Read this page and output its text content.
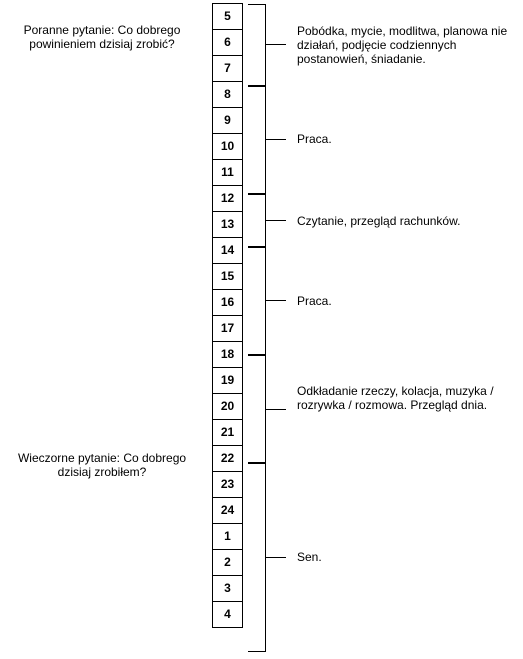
Poranne pytanie: Co dobrego powinieniem dzisiaj zrobić?
Wieczorne pytanie: Co dobrego dzisiaj zrobiłem?
5
6
7
8
9
10
11
12
13
14
15
16
17
18
19
20
21
22
23
24
1
2
3
4
Pobódka, mycie, modlitwa, planowa nie działań, podjęcie codziennych postanowień, śniadanie.
Praca.
Czytanie, przegląd rachunków.
Praca.
Odkładanie rzeczy, kolacja, muzyka / rozrywka / rozmowa. Przegląd dnia.
Sen.
